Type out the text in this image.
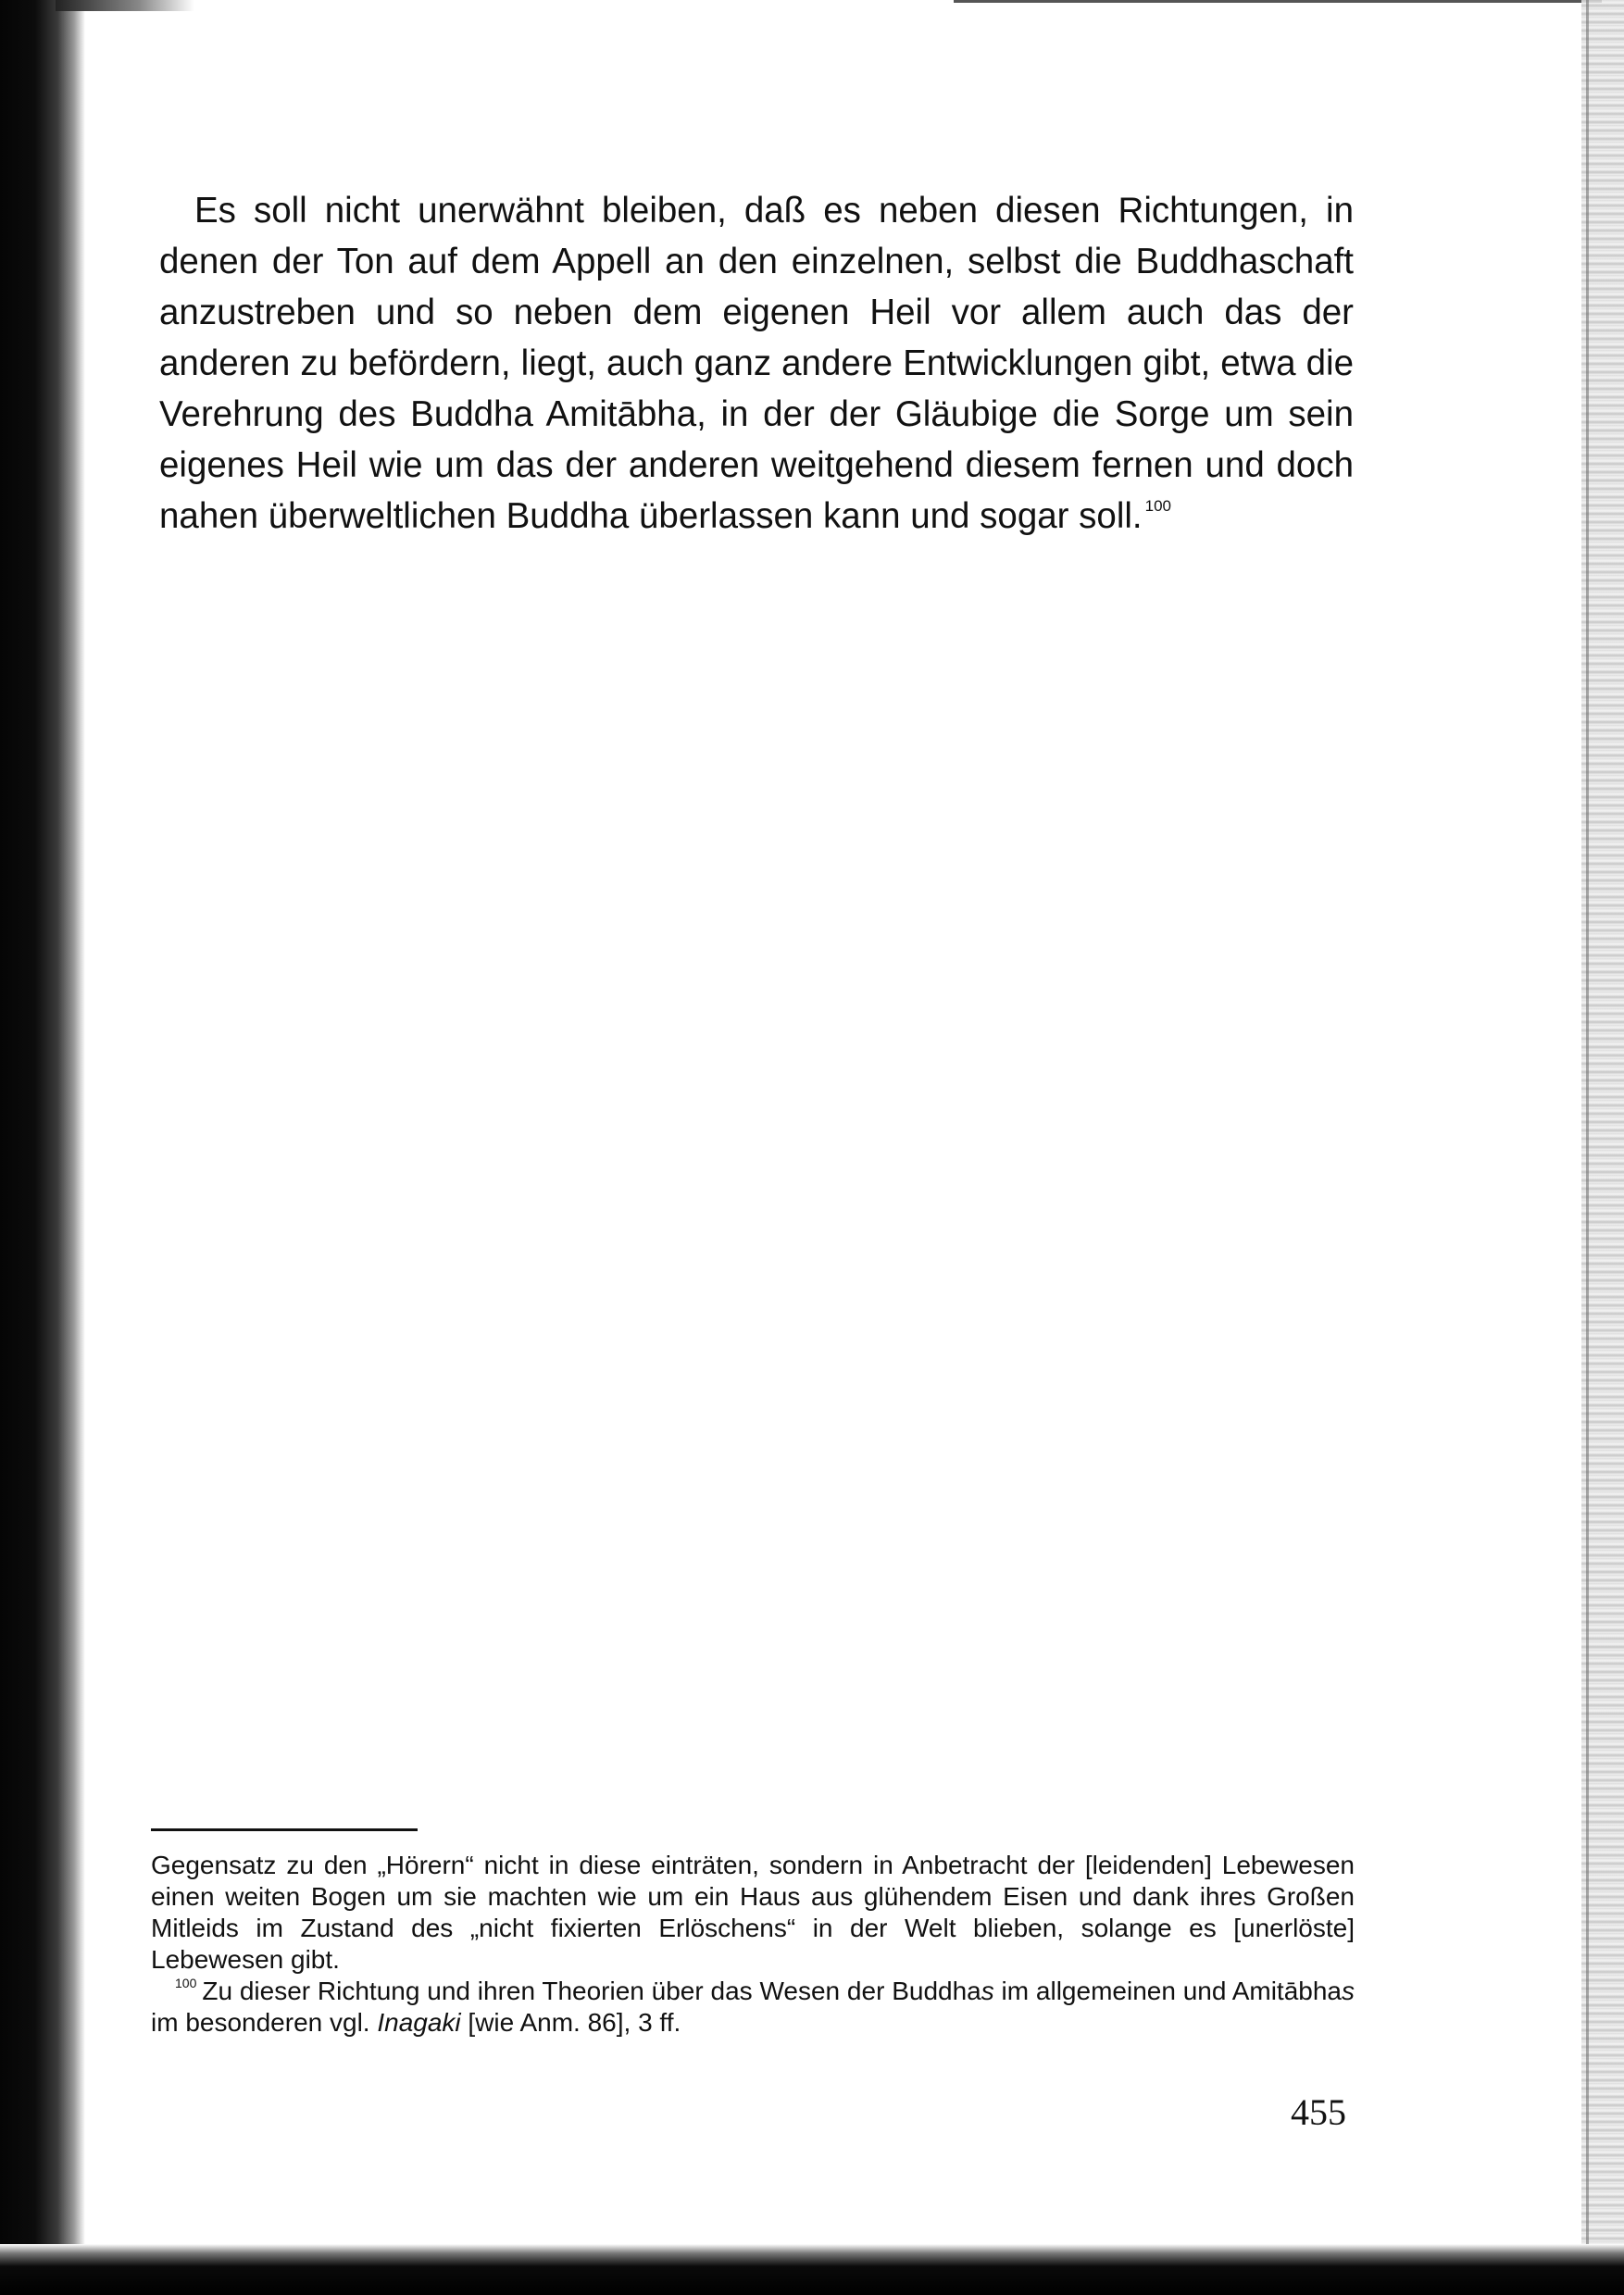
Es soll nicht unerwähnt bleiben, daß es neben diesen Richtungen, in denen der Ton auf dem Appell an den einzelnen, selbst die Buddhaschaft anzustreben und so neben dem eigenen Heil vor allem auch das der anderen zu befördern, liegt, auch ganz andere Entwicklungen gibt, etwa die Verehrung des Buddha Amitābha, in der der Gläubige die Sorge um sein eigenes Heil wie um das der anderen weitgehend diesem fernen und doch nahen überweltlichen Buddha überlassen kann und sogar soll. $^{100}$

Gegensatz zu den „Hörern“ nicht in diese einträten, sondern in Anbetracht der [leidenden] Lebewesen einen weiten Bogen um sie machten wie um ein Haus aus glühendem Eisen und dank ihres Großen Mitleids im Zustand des „nicht fixierten Erlöschens“ in der Welt blieben, solange es [unerlöste] Lebewesen gibt.

$^{100}$ Zu dieser Richtung und ihren Theorien über das Wesen der Buddhas im allgemeinen und Amitābhas im besonderen vgl. Inagaki [wie Anm. 86], 3 ff.

455
